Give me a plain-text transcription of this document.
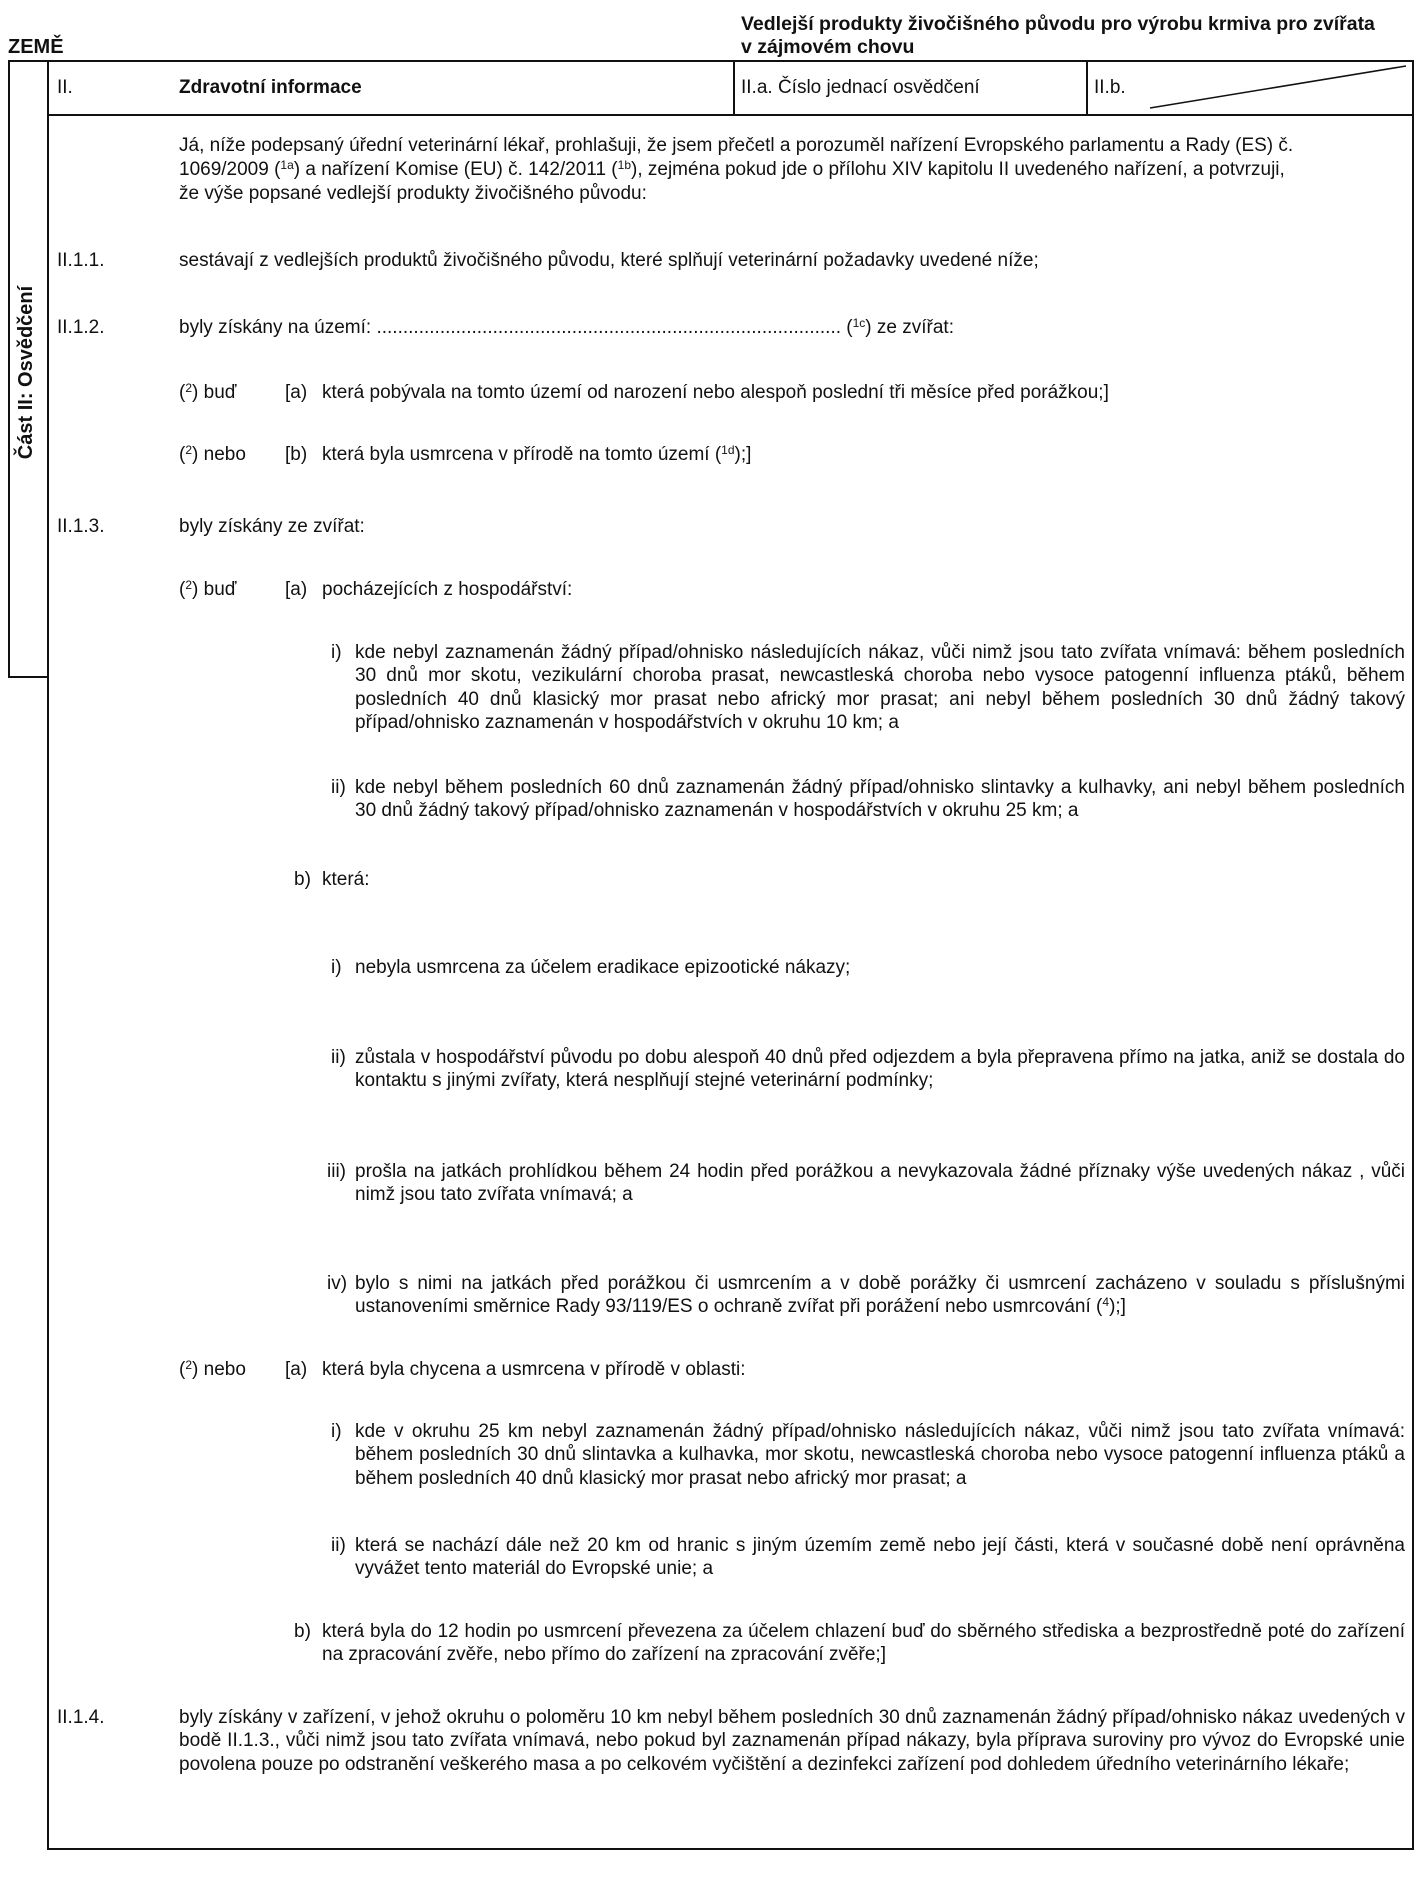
ZEMĚ
Vedlejší produkty živočišného původu pro výrobu krmiva pro zvířata
v zájmovém chovu
II.	Zdravotní informace	II.a. Číslo jednací osvědčení	II.b.
Část II: Osvědčení
Já, níže podepsaný úřední veterinární lékař, prohlašuji, že jsem přečetl a porozuměl nařízení Evropského parlamentu a Rady (ES) č.
1069/2009 ($^{1a}$) a nařízení Komise (EU) č. 142/2011 ($^{1b}$), zejména pokud jde o přílohu XIV kapitolu II uvedeného nařízení, a potvrzuji,
že výše popsané vedlejší produkty živočišného původu:
II.1.1.	sestávají z vedlejších produktů živočišného původu, které splňují veterinární požadavky uvedené níže;
II.1.2.	byly získány na území: ........................................................................................ ($^{1c}$) ze zvířat:
($^2$) buď	[a) která pobývala na tomto území od narození nebo alespoň poslední tři měsíce před porážkou;]
($^2$) nebo [b) která byla usmrcena v přírodě na tomto území ($^{1d}$);]
II.1.3.	byly získány ze zvířat:
($^2$) buď	[a) pocházejících z hospodářství:
i) kde nebyl zaznamenán žádný případ/ohnisko následujících nákaz, vůči nimž jsou tato zvířata vnímavá: během posledních 30 dnů mor skotu, vezikulární choroba prasat, newcastleská choroba nebo vysoce patogenní influenza ptáků, během posledních 40 dnů klasický mor prasat nebo africký mor prasat; ani nebyl během posledních 30 dnů žádný takový případ/ohnisko zaznamenán v hospodářstvích v okruhu 10 km; a
ii) kde nebyl během posledních 60 dnů zaznamenán žádný případ/ohnisko slintavky a kulhavky, ani nebyl během posledních 30 dnů žádný takový případ/ohnisko zaznamenán v hospodářstvích v okruhu 25 km; a
b) která:
i) nebyla usmrcena za účelem eradikace epizootické nákazy;
ii) zůstala v hospodářství původu po dobu alespoň 40 dnů před odjezdem a byla přepravena přímo na jatka, aniž se dostala do kontaktu s jinými zvířaty, která nesplňují stejné veterinární podmínky;
iii) prošla na jatkách prohlídkou během 24 hodin před porážkou a nevykazovala žádné příznaky výše uvedených nákaz , vůči nimž jsou tato zvířata vnímavá; a
iv) bylo s nimi na jatkách před porážkou či usmrcením a v době porážky či usmrcení zacházeno v souladu s příslušnými ustanoveními směrnice Rady 93/119/ES o ochraně zvířat při porážení nebo usmrcování ($^4$);]
($^2$) nebo [a) která byla chycena a usmrcena v přírodě v oblasti:
i) kde v okruhu 25 km nebyl zaznamenán žádný případ/ohnisko následujících nákaz, vůči nimž jsou tato zvířata vnímavá: během posledních 30 dnů slintavka a kulhavka, mor skotu, newcastleská choroba nebo vysoce patogenní influenza ptáků a během posledních 40 dnů klasický mor prasat nebo africký mor prasat; a
ii) která se nachází dále než 20 km od hranic s jiným územím země nebo její části, která v současné době není oprávněna vyvážet tento materiál do Evropské unie; a
b) která byla do 12 hodin po usmrcení převezena za účelem chlazení buď do sběrného střediska a bezprostředně poté do zařízení na zpracování zvěře, nebo přímo do zařízení na zpracování zvěře;]
II.1.4.	byly získány v zařízení, v jehož okruhu o poloměru 10 km nebyl během posledních 30 dnů zaznamenán žádný případ/ohnisko nákaz uvedených v bodě II.1.3., vůči nimž jsou tato zvířata vnímavá, nebo pokud byl zaznamenán případ nákazy, byla příprava suroviny pro vývoz do Evropské unie povolena pouze po odstranění veškerého masa a po celkovém vyčištění a dezinfekci zařízení pod dohledem úředního veterinárního lékaře;
